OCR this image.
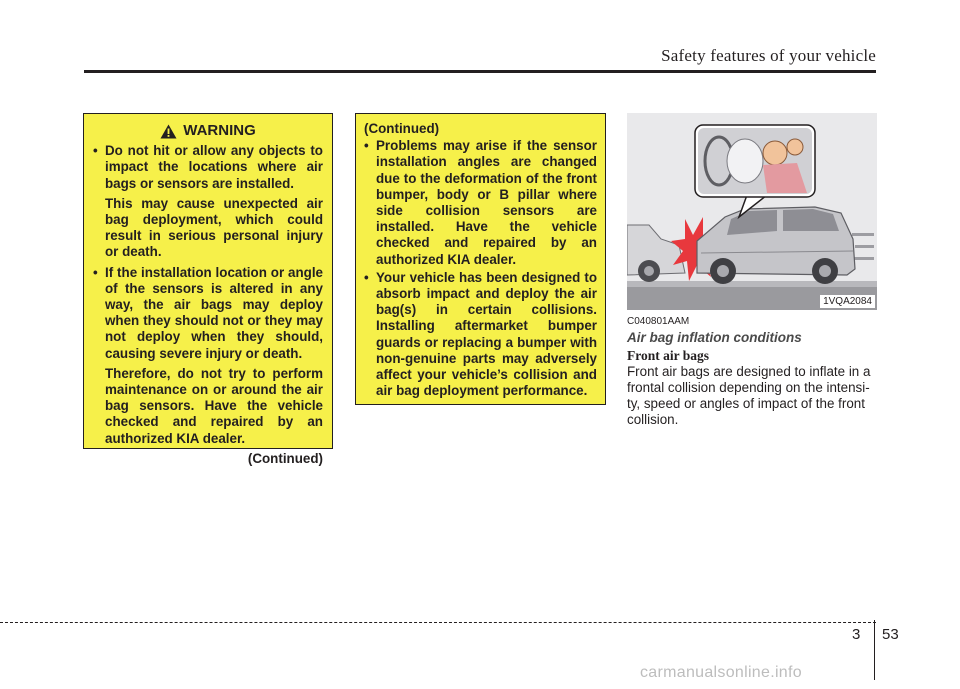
Safety features of your vehicle
WARNING
• Do not hit or allow any objects to impact the locations where air bags or sensors are installed.
This may cause unexpected air bag deployment, which could result in serious personal injury or death.
• If the installation location or angle of the sensors is altered in any way, the air bags may deploy when they should not or they may not deploy when they should, causing severe injury or death.
Therefore, do not try to perform maintenance on or around the air bag sensors. Have the vehicle checked and repaired by an authorized KIA dealer.
(Continued)
(Continued)
• Problems may arise if the sensor installation angles are changed due to the deformation of the front bumper, body or B pillar where side collision sensors are installed. Have the vehicle checked and repaired by an authorized KIA dealer.
• Your vehicle has been designed to absorb impact and deploy the air bag(s) in certain collisions. Installing aftermarket bumper guards or replacing a bumper with non-genuine parts may adversely affect your vehicle’s collision and air bag deployment performance.
1VQA2084
C040801AAM
Air bag inflation conditions
Front air bags
Front air bags are designed to inflate in a frontal collision depending on the intensi-ty, speed or angles of impact of the front collision.
3 53
carmanualsonline.info
